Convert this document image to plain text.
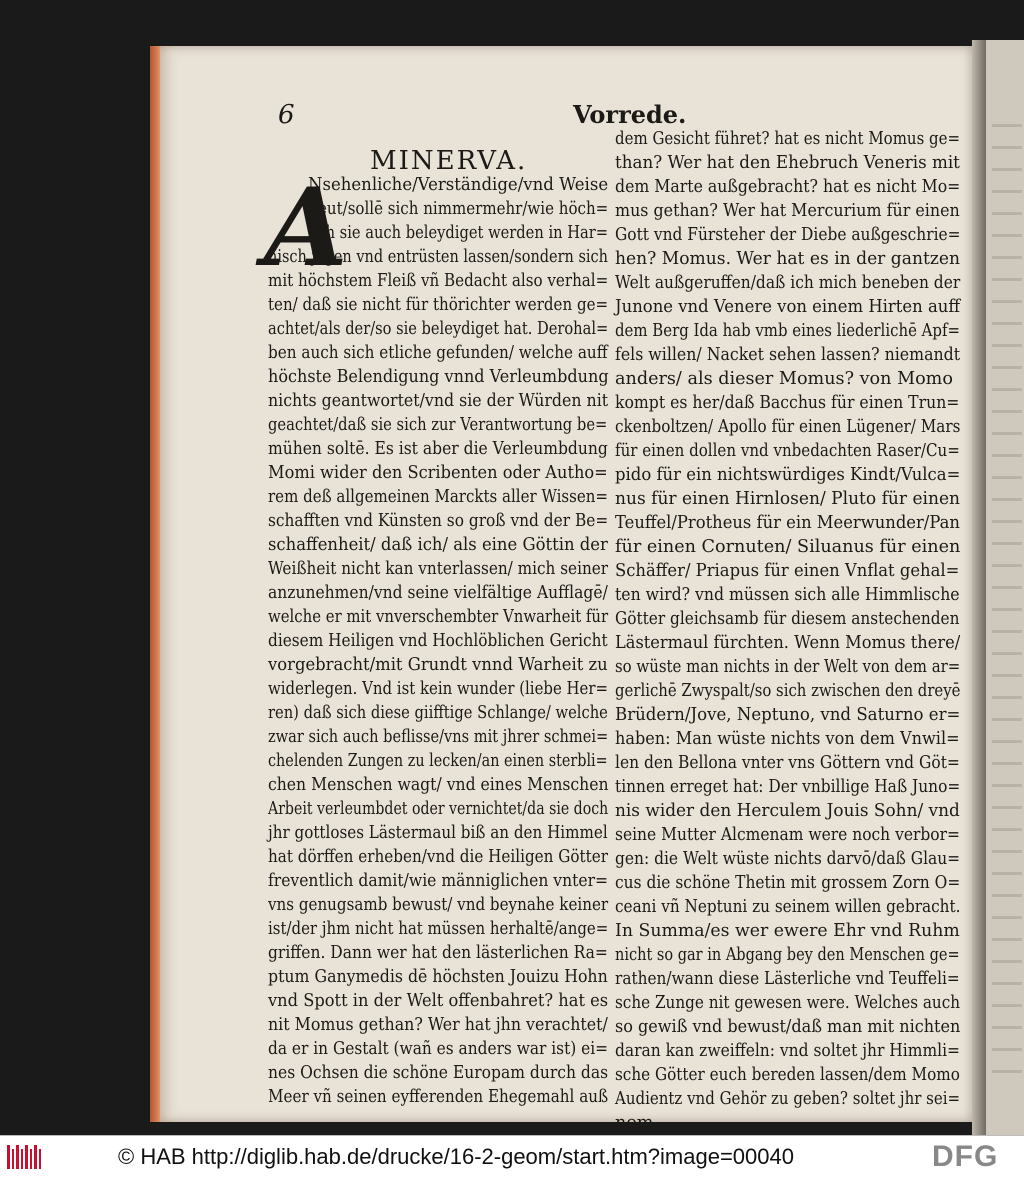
6	Vorrede.
MINERVA.
A
Nsehenliche/Verständige/vnd Weise
Leut/sollē sich nimmermehr/wie höch=
lich sie auch beleydiget werden in Har=
nisch jagen vnd entrüsten lassen/sondern sich
mit höchstem Fleiß vñ Bedacht also verhal=
ten/ daß sie nicht für thörichter werden ge=
achtet/als der/so sie beleydiget hat. Derohal=
ben auch sich etliche gefunden/ welche auff
höchste Belendigung vnnd Verleumbdung
nichts geantwortet/vnd sie der Würden nit
geachtet/daß sie sich zur Verantwortung be=
mühen soltē. Es ist aber die Verleumbdung
Momi wider den Scribenten oder Autho=
rem deß allgemeinen Marckts aller Wissen=
schafften vnd Künsten so groß vnd der Be=
schaffenheit/ daß ich/ als eine Göttin der
Weißheit nicht kan vnterlassen/ mich seiner
anzunehmen/vnd seine vielfältige Aufflagē/
welche er mit vnverschembter Vnwarheit für
diesem Heiligen vnd Hochlöblichen Gericht
vorgebracht/mit Grundt vnnd Warheit zu
widerlegen. Vnd ist kein wunder (liebe Her=
ren) daß sich diese giifftige Schlange/ welche
zwar sich auch beflisse/vns mit jhrer schmei=
chelenden Zungen zu lecken/an einen sterbli=
chen Menschen wagt/ vnd eines Menschen
Arbeit verleumbdet oder vernichtet/da sie doch
jhr gottloses Lästermaul biß an den Himmel
hat dörffen erheben/vnd die Heiligen Götter
freventlich damit/wie männiglichen vnter=
vns genugsamb bewust/ vnd beynahe keiner
ist/der jhm nicht hat müssen herhaltē/ange=
griffen. Dann wer hat den lästerlichen Ra=
ptum Ganymedis dē höchsten Jouizu Hohn
vnd Spott in der Welt offenbahret? hat es
nit Momus gethan? Wer hat jhn verachtet/
da er in Gestalt (wañ es anders war ist) ei=
nes Ochsen die schöne Europam durch das
Meer vñ seinen eyfferenden Ehegemahl auß
dem Gesicht führet? hat es nicht Momus ge=
than? Wer hat den Ehebruch Veneris mit
dem Marte außgebracht? hat es nicht Mo=
mus gethan? Wer hat Mercurium für einen
Gott vnd Fürsteher der Diebe außgeschrie=
hen? Momus. Wer hat es in der gantzen
Welt außgeruffen/daß ich mich beneben der
Junone vnd Venere von einem Hirten auff
dem Berg Ida hab vmb eines liederlichē Apf=
fels willen/ Nacket sehen lassen? niemandt
anders/ als dieser Momus? von Momo
kompt es her/daß Bacchus für einen Trun=
ckenboltzen/ Apollo für einen Lügener/ Mars
für einen dollen vnd vnbedachten Raser/Cu=
pido für ein nichtswürdiges Kindt/Vulca=
nus für einen Hirnlosen/ Pluto für einen
Teuffel/Protheus für ein Meerwunder/Pan
für einen Cornuten/ Siluanus für einen
Schäffer/ Priapus für einen Vnflat gehal=
ten wird? vnd müssen sich alle Himmlische
Götter gleichsamb für diesem anstechenden
Lästermaul fürchten. Wenn Momus there/
so wüste man nichts in der Welt von dem ar=
gerlichē Zwyspalt/so sich zwischen den dreyē
Brüdern/Jove, Neptuno, vnd Saturno er=
haben: Man wüste nichts von dem Vnwil=
len den Bellona vnter vns Göttern vnd Göt=
tinnen erreget hat: Der vnbillige Haß Juno=
nis wider den Herculem Jouis Sohn/ vnd
seine Mutter Alcmenam were noch verbor=
gen: die Welt wüste nichts darvō/daß Glau=
cus die schöne Thetin mit grossem Zorn O=
ceani vñ Neptuni zu seinem willen gebracht.
In Summa/es wer ewere Ehr vnd Ruhm
nicht so gar in Abgang bey den Menschen ge=
rathen/wann diese Lästerliche vnd Teuffeli=
sche Zunge nit gewesen were. Welches auch
so gewiß vnd bewust/daß man mit nichten
daran kan zweiffeln: vnd soltet jhr Himmli=
sche Götter euch bereden lassen/dem Momo
Audientz vnd Gehör zu geben? soltet jhr sei=
nem
© HAB http://diglib.hab.de/drucke/16-2-geom/start.htm?image=00040	DFG
